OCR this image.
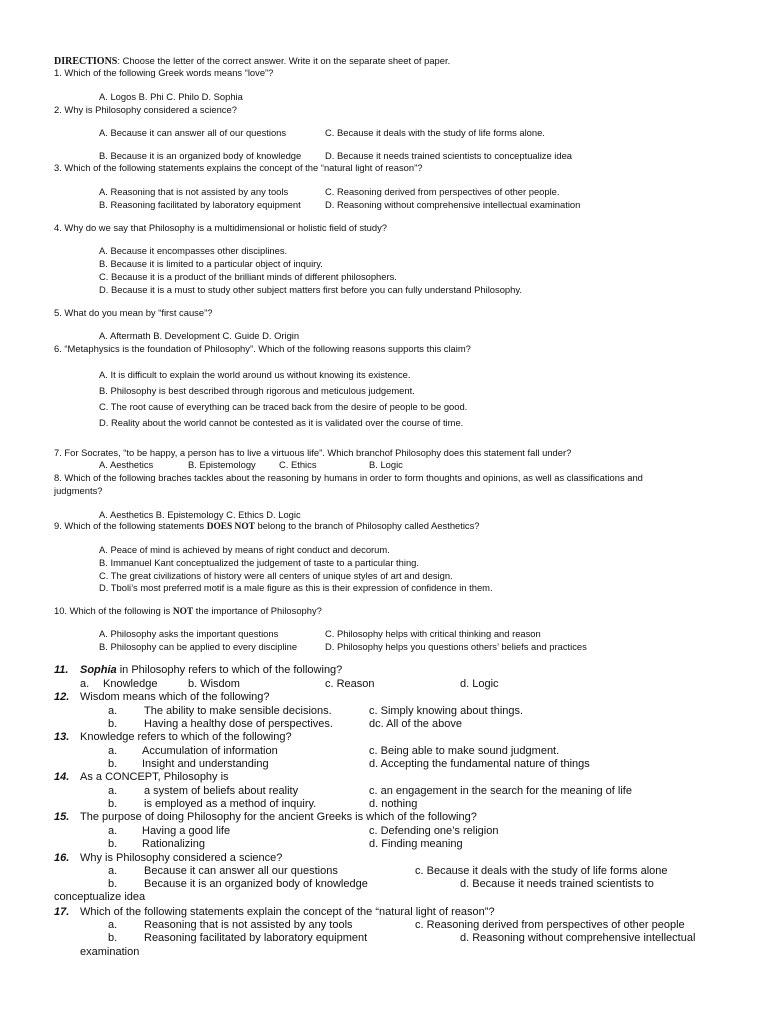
DIRECTIONS: Choose the letter of the correct answer. Write it on the separate sheet of paper.
1. Which of the following Greek words means “love”?
A. Logos B. Phi C. Philo D. Sophia
2. Why is Philosophy considered a science?
A. Because it can answer all of our questions	C. Because it deals with the study of life forms alone.
B. Because it is an organized body of knowledge	D. Because it needs trained scientists to conceptualize idea
3. Which of the following statements explains the concept of the “natural light of reason”?
A. Reasoning that is not assisted by any tools	C. Reasoning derived from perspectives of other people.
B. Reasoning facilitated by laboratory equipment	D. Reasoning without comprehensive intellectual examination
4. Why do we say that Philosophy is a multidimensional or holistic field of study?
A. Because it encompasses other disciplines.
B. Because it is limited to a particular object of inquiry.
C. Because it is a product of the brilliant minds of different philosophers.
D. Because it is a must to study other subject matters first before you can fully understand Philosophy.
5. What do you mean by “first cause”?
A. Aftermath B. Development C. Guide D. Origin
6. “Metaphysics is the foundation of Philosophy”. Which of the following reasons supports this claim?
A. It is difficult to explain the world around us without knowing its existence.
B. Philosophy is best described through rigorous and meticulous judgement.
C. The root cause of everything can be traced back from the desire of people to be good.
D. Reality about the world cannot be contested as it is validated over the course of time.
7. For Socrates, “to be happy, a person has to live a virtuous life”. Which branchof Philosophy does this statement fall under?
A. Aesthetics	B. Epistemology C. Ethics	B. Logic
8. Which of the following braches tackles about the reasoning by humans in order to form thoughts and opinions, as well as classifications and
judgments?
A. Aesthetics B. Epistemology C. Ethics D. Logic
9. Which of the following statements DOES NOT belong to the branch of Philosophy called Aesthetics?
A. Peace of mind is achieved by means of right conduct and decorum.
B. Immanuel Kant conceptualized the judgement of taste to a particular thing.
C. The great civilizations of history were all centers of unique styles of art and design.
D. Tboli’s most preferred motif is a male figure as this is their expression of confidence in them.
10. Which of the following is NOT the importance of Philosophy?
A. Philosophy asks the important questions	C. Philosophy helps with critical thinking and reason
B. Philosophy can be applied to every discipline	D. Philosophy helps you questions others’ beliefs and practices
11. Sophia in Philosophy refers to which of the following?
a. Knowledge	b. Wisdom	c. Reason	d. Logic
12. Wisdom means which of the following?
a. The ability to make sensible decisions.	c. Simply knowing about things.
b. Having a healthy dose of perspectives.	dc. All of the above
13. Knowledge refers to which of the following?
a. Accumulation of information	c. Being able to make sound judgment.
b. Insight and understanding	d. Accepting the fundamental nature of things
14. As a CONCEPT, Philosophy is
a. a system of beliefs about reality	c. an engagement in the search for the meaning of life
b. is employed as a method of inquiry.	d. nothing
15. The purpose of doing Philosophy for the ancient Greeks is which of the following?
a. Having a good life	c. Defending one’s religion
b. Rationalizing	d. Finding meaning
16. Why is Philosophy considered a science?
a. Because it can answer all our questions	c. Because it deals with the study of life forms alone
b. Because it is an organized body of knowledge	d. Because it needs trained scientists to
conceptualize idea
17. Which of the following statements explain the concept of the “natural light of reason”?
a. Reasoning that is not assisted by any tools	c. Reasoning derived from perspectives of other people
b. Reasoning facilitated by laboratory equipment	d. Reasoning without comprehensive intellectual
examination
